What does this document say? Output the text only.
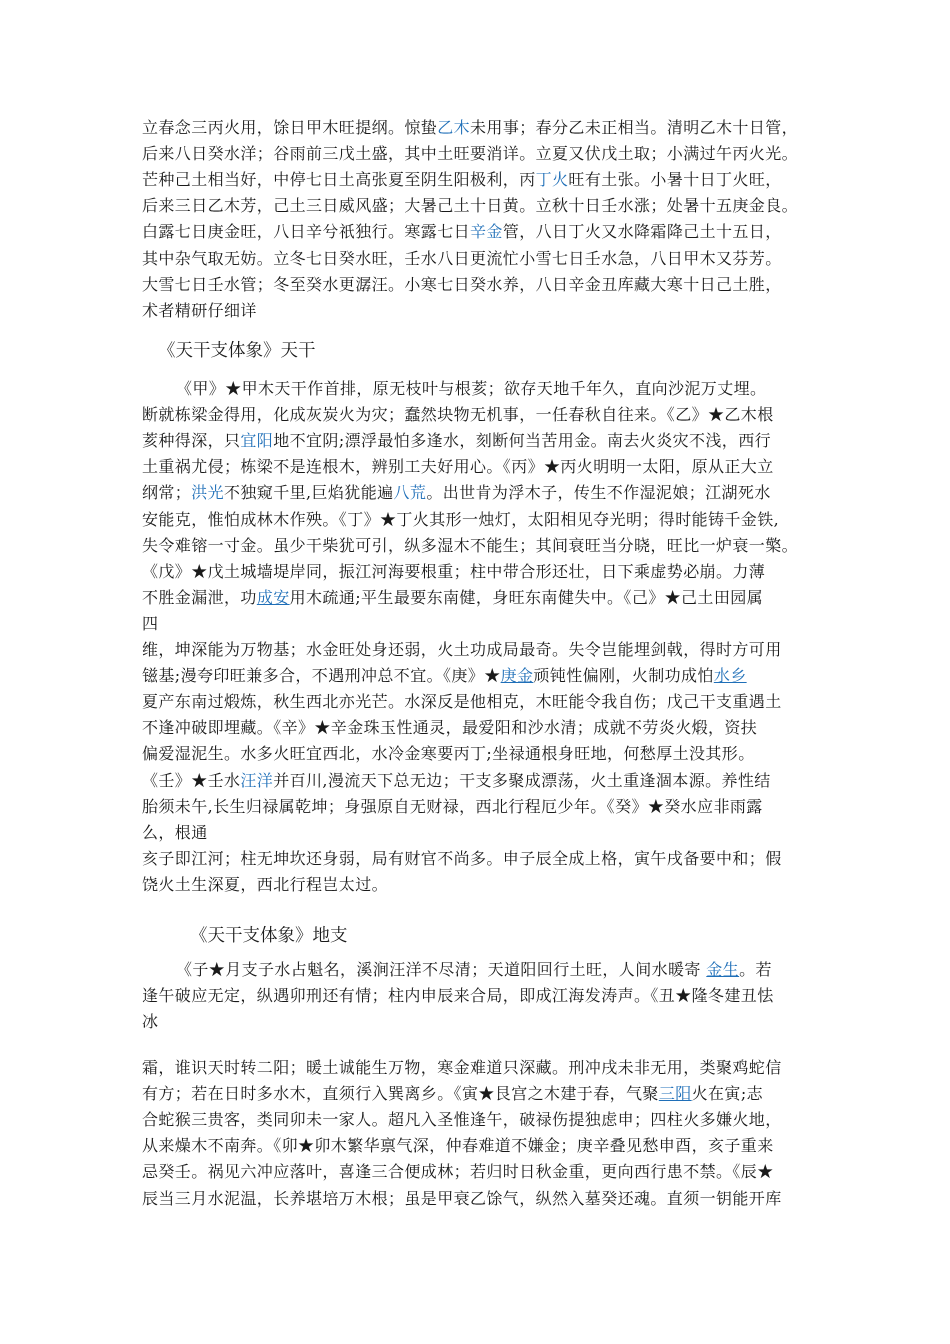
立春念三丙火用，馀日甲木旺提纲。惊蛰乙木未用事；春分乙未正相当。清明乙木十日管，
后来八日癸水洋；谷雨前三戊土盛，其中土旺要消详。立夏又伏戊土取；小满过午丙火光。
芒种己土相当好，中停七日土高张夏至阴生阳极利，丙丁火旺有土张。小暑十日丁火旺，
后来三日乙木芳，己土三日威风盛；大暑己土十日黄。立秋十日壬水涨；处暑十五庚金良。
白露七日庚金旺，八日辛兮祇独行。寒露七日辛金管，八日丁火又水降霜降己土十五日，
其中杂气取无妨。立冬七日癸水旺，壬水八日更流忙小雪七日壬水急，八日甲木又芬芳。
大雪七日壬水管；冬至癸水更潺汪。小寒七日癸水养，八日辛金丑库藏大寒十日己土胜，
术者精研仔细详
《天干支体象》天干
《甲》★甲木天干作首排，原无枝叶与根荄；欲存天地千年久，直向沙泥万丈埋。
断就栋梁金得用，化成灰炭火为灾；蠢然块物无机事，一任春秋自往来。《乙》★乙木根
荄种得深，只宜阳地不宜阴;漂浮最怕多逢水，刻断何当苦用金。南去火炎灾不浅，西行
土重祸尤侵；栋梁不是连根木，辨别工夫好用心。《丙》★丙火明明一太阳，原从正大立
纲常；洪光不独窥千里,巨焰犹能遍八荒。出世肯为浮木子，传生不作湿泥娘；江湖死水
安能克，惟怕成林木作殃。《丁》★丁火其形一烛灯，太阳相见夺光明；得时能铸千金铁,
失令难镕一寸金。虽少干柴犹可引，纵多湿木不能生；其间衰旺当分晓，旺比一炉衰一檠。
《戊》★戊土城墙堤岸同，振江河海要根重；柱中带合形还壮，日下乘虚势必崩。力薄
不胜金漏泄，功成安用木疏通;平生最要东南健，身旺东南健失中。《己》★己土田园属
四
维，坤深能为万物基；水金旺处身还弱，火土功成局最奇。失令岂能埋剑戟，得时方可用
镃基;漫夸印旺兼多合，不遇刑冲总不宜。《庚》★庚金顽钝性偏刚，火制功成怕水乡
夏产东南过煅炼，秋生西北亦光芒。水深反是他相克，木旺能令我自伤；戊己干支重遇土
不逢冲破即埋藏。《辛》★辛金珠玉性通灵，最爱阳和沙水清；成就不劳炎火煅，资扶
偏爱湿泥生。水多火旺宜西北，水冷金寒要丙丁;坐禄通根身旺地，何愁厚土没其形。
《壬》★壬水汪洋并百川,漫流天下总无边；干支多聚成漂荡，火土重逢涸本源。养性结
胎须未午,长生归禄属乾坤；身强原自无财禄，西北行程厄少年。《癸》★癸水应非雨露
么，根通
亥子即江河；柱无坤坎还身弱，局有财官不尚多。申子辰全成上格，寅午戌备要中和；假
饶火土生深夏，西北行程岂太过。
《天干支体象》地支
《子★月支子水占魁名，溪涧汪洋不尽清；天道阳回行土旺，人间水暖寄 金生。若
逢午破应无定，纵遇卯刑还有情；柱内申辰来合局，即成江海发涛声。《丑★隆冬建丑怯
冰
霜，谁识天时转二阳；暖土诚能生万物，寒金难道只深藏。刑冲戌未非无用，类聚鸡蛇信
有方；若在日时多水木，直须行入巽离乡。《寅★艮宫之木建于春，气聚三阳火在寅;志
合蛇猴三贵客，类同卯未一家人。超凡入圣惟逢午，破禄伤提独虑申；四柱火多嫌火地，
从来燥木不南奔。《卯★卯木繁华禀气深，仲春难道不嫌金；庚辛叠见愁申酉，亥子重来
忌癸壬。祸见六冲应落叶，喜逢三合便成林；若归时日秋金重，更向西行患不禁。《辰★
辰当三月水泥温，长养堪培万木根；虽是甲衰乙馀气，纵然入墓癸还魂。直须一钥能开库
